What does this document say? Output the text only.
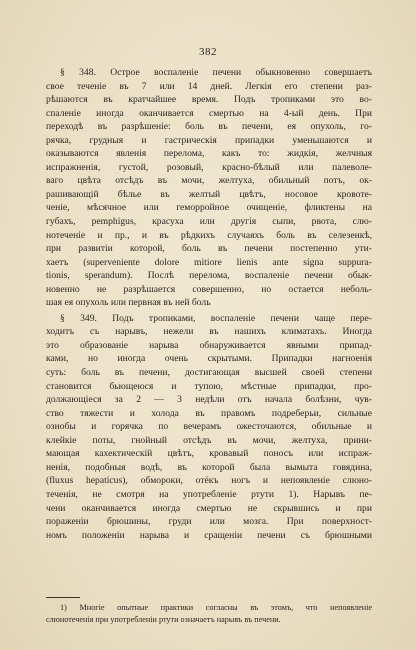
382
§ 348. Острое воспаленіе печени обыкновенно совершаетъ
свое теченіе въ 7 или 14 дней. Легкія его степени раз-
рѣшаются въ кратчайшее время. Подъ тропиками это во-
спаленіе иногда оканчивается смертью на 4-ый день. При
переходѣ въ разрѣшеніе: боль въ печени, ея опухоль, го-
рячка, грудныя и гастрическія припадки уменьшаются и
оказываются явленія перелома, какъ то: жидкія, желчныя
испражненія, густой, розовый, красно-бѣлый или палеволе-
ваго цвѣта отсѣдъ въ мочи, желтуха, обильный потъ, ок-
рашивающій бѣлье въ желтый цвѣтъ, носовое кровоте-
ченіе, мѣсячное или геморройное очищеніе, фликтены на
губахъ, pemphigus, красуха или другія сыпи, рвота, слю-
нотеченіе и пр., и въ рѣдкихъ случаяхъ боль въ селезенкѣ,
при развитіи которой, боль въ печени постепенно ути-
хаетъ (superveniente dolore mitiore lienis ante signa suppura-
tionis, sperandum). Послѣ перелома, воспаленіе печени обык-
новенно не разрѣшается совершенно, но остается неболь-
шая ея опухоль или первная въ ней боль
§ 349. Подъ тропиками, воспаленіе печени чаще пере-
ходитъ съ нарывъ, нежели въ нашихъ климатахъ. Иногда
это образованіе нарыва обнаруживается явными припад-
ками, но иногда очень скрытыми. Припадки нагноенія
суть: боль въ печени, достигающая высшей своей степени
становится бьющеюся и тупою, мѣстные припадки, про-
должающіеся за 2 — 3 недѣли отъ начала болѣзни, чув-
ство тяжести и холода въ правомъ подреберьи, сильные
ознобы и горячка по вечерамъ ожесточаются, обильные и
клейкіе поты, гнойный отсѣдъ въ мочи, желтуха, прини-
мающая кахектическій цвѣтъ, кровавый поносъ или испраж-
ненія, подобныя водѣ, въ которой была вымыта говядина,
(fluxus hepaticus), обмороки, отёкъ ногъ и непоявленіе слюно-
теченія, не смотря на употребленіе ртути 1). Нарывъ пе-
чени оканчивается иногда смертью не скрывшись и при
пораженіи брюшины, груди или мозга. При поверхност-
номъ положеніи нарыва и сращеніи печени съ брюшными
1) Многіе опытные практики согласны въ этомъ, что непоявленіе
слюнотеченія при употребленіи ртути означаетъ нарывъ въ печени.
